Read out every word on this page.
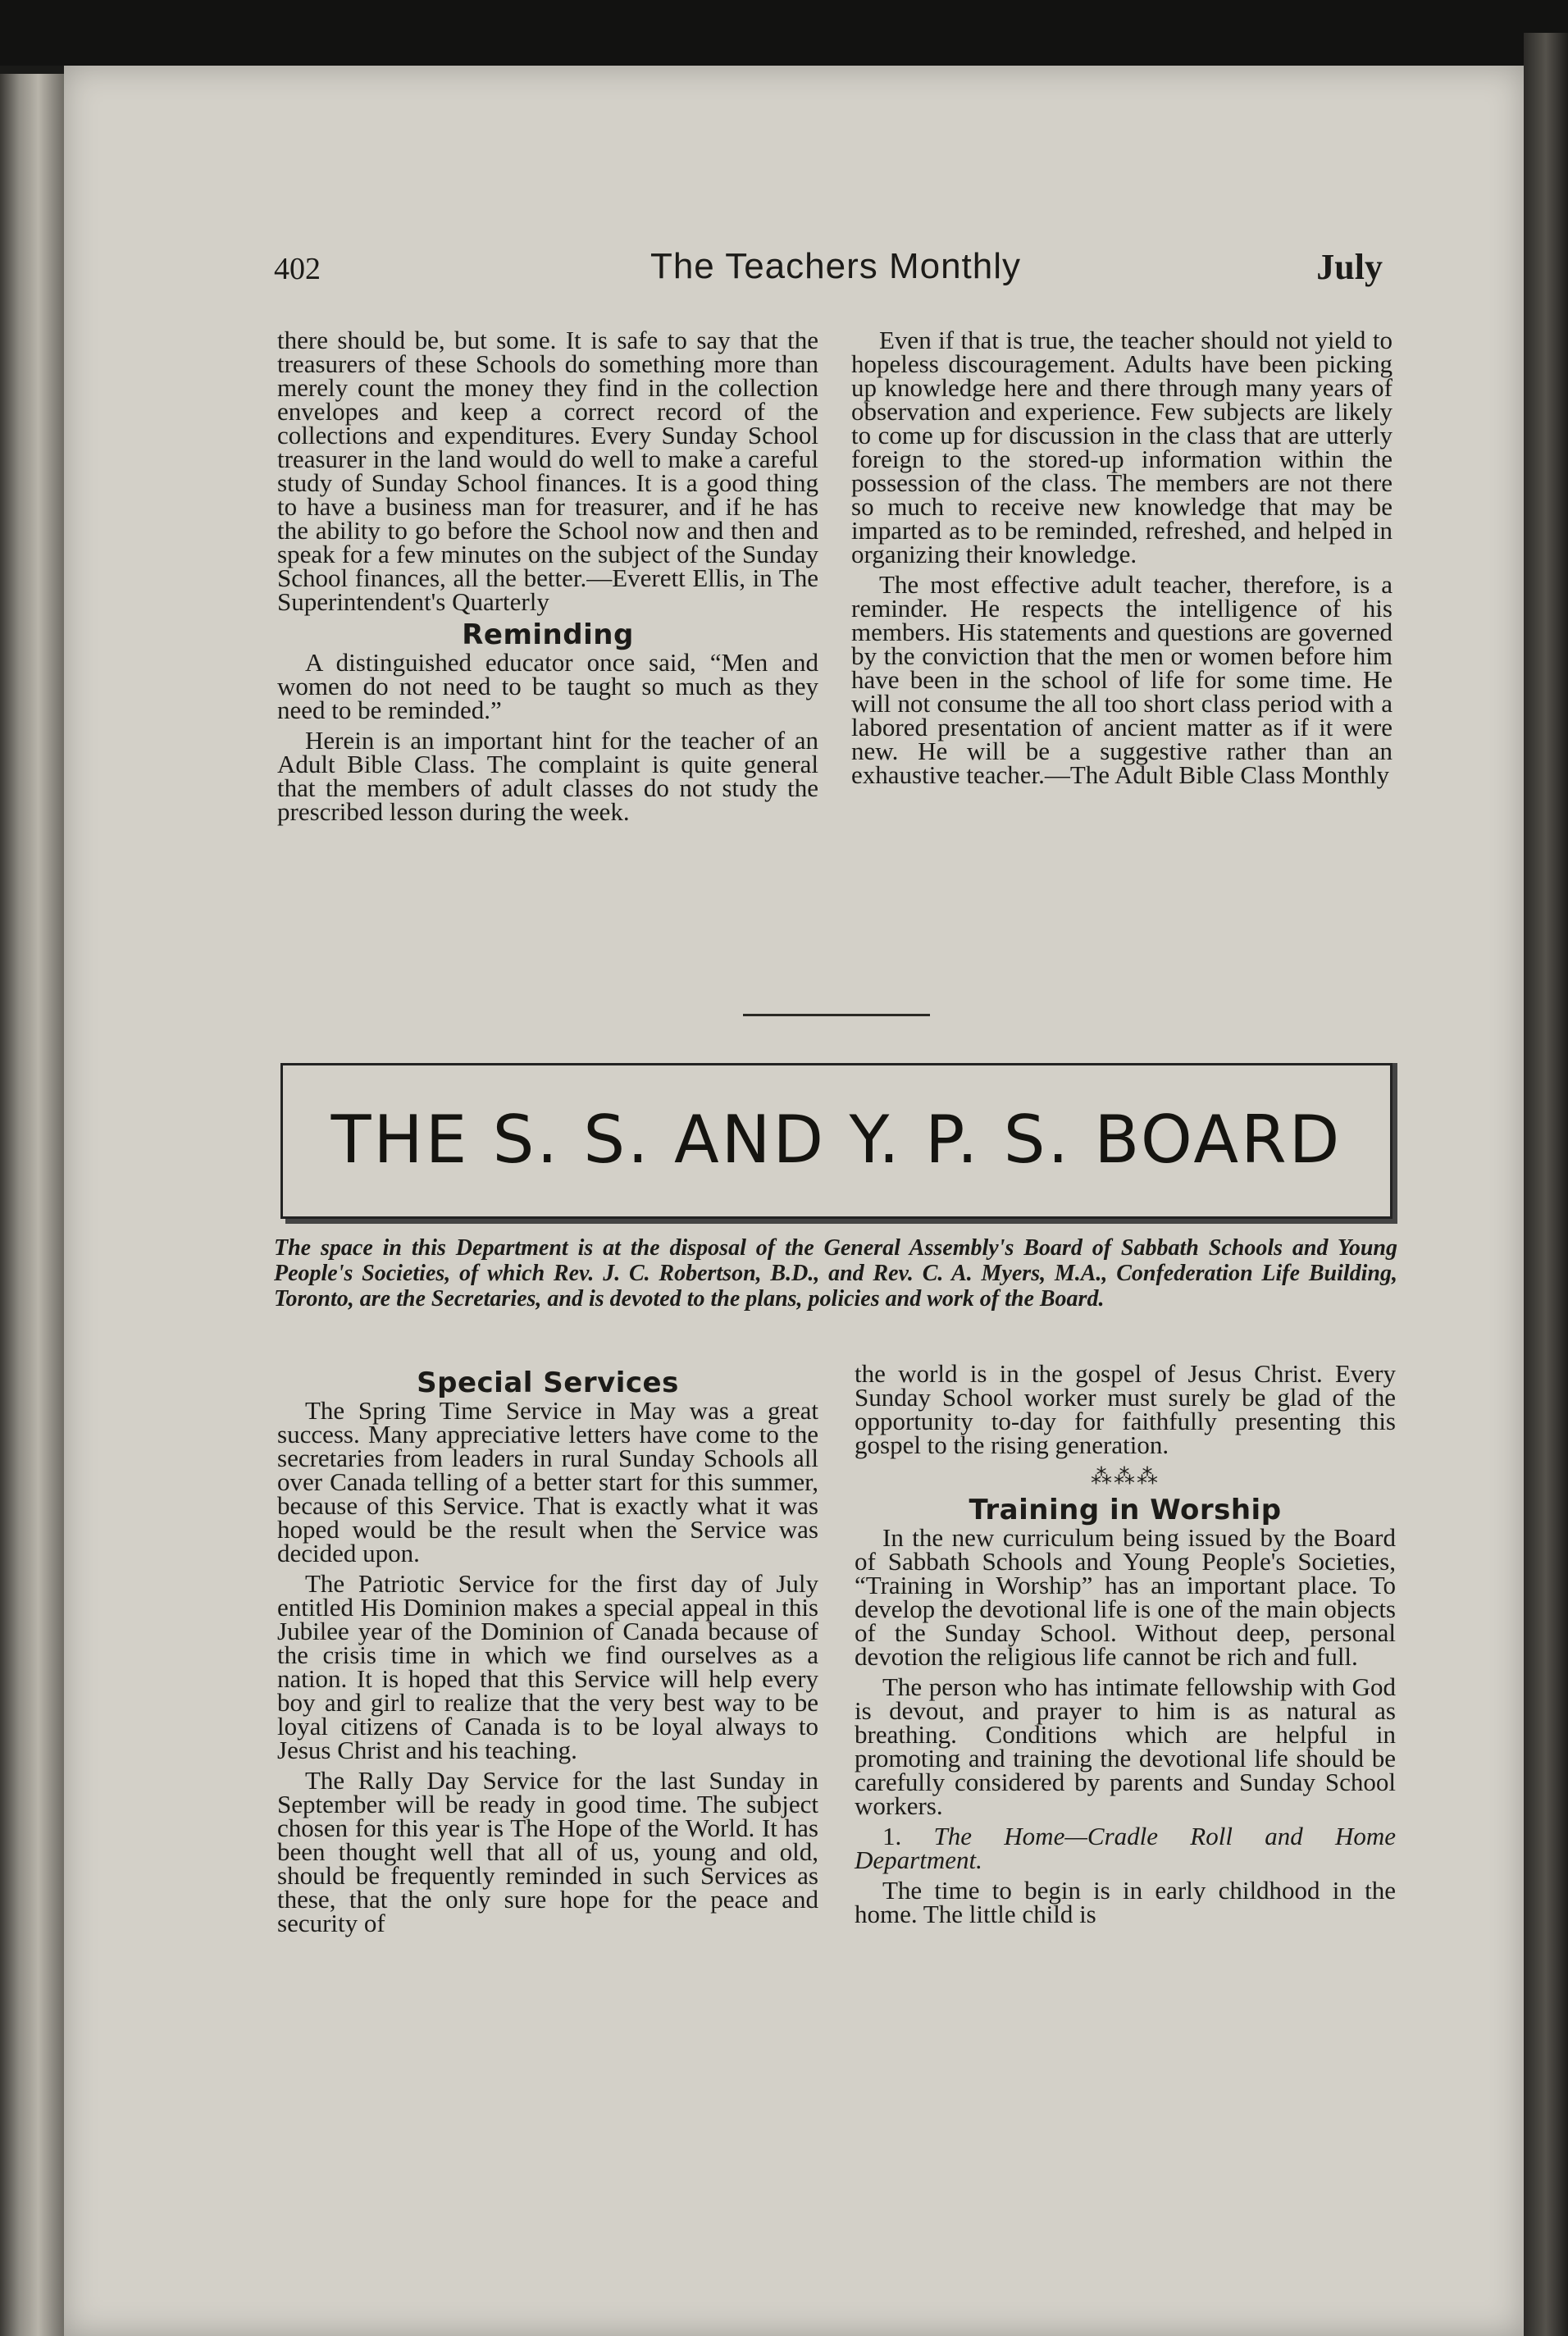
402	The Teachers Monthly	July

there should be, but some. It is safe to say that the treasurers of these Schools do something more than merely count the money they find in the collection envelopes and keep a correct record of the collections and expenditures. Every Sunday School treasurer in the land would do well to make a careful study of Sunday School finances. It is a good thing to have a business man for treasurer, and if he has the ability to go before the School now and then and speak for a few minutes on the subject of the Sunday School finances, all the better.—Everett Ellis, in The Superintendent's Quarterly

Reminding

A distinguished educator once said, “Men and women do not need to be taught so much as they need to be reminded.”

Herein is an important hint for the teacher of an Adult Bible Class. The complaint is quite general that the members of adult classes do not study the prescribed lesson during the week.

Even if that is true, the teacher should not yield to hopeless discouragement. Adults have been picking up knowledge here and there through many years of observation and experience. Few subjects are likely to come up for discussion in the class that are utterly foreign to the stored-up information within the possession of the class. The members are not there so much to receive new knowledge that may be imparted as to be reminded, refreshed, and helped in organizing their knowledge.

The most effective adult teacher, therefore, is a reminder. He respects the intelligence of his members. His statements and questions are governed by the conviction that the men or women before him have been in the school of life for some time. He will not consume the all too short class period with a labored presentation of ancient matter as if it were new. He will be a suggestive rather than an exhaustive teacher.—The Adult Bible Class Monthly

THE S. S. AND Y. P. S. BOARD
The space in this Department is at the disposal of the General Assembly's Board of Sabbath Schools and Young People's Societies, of which Rev. J. C. Robertson, B.D., and Rev. C. A. Myers, M.A., Confederation Life Building, Toronto, are the Secretaries, and is devoted to the plans, policies and work of the Board.
Special Services

The Spring Time Service in May was a great success. Many appreciative letters have come to the secretaries from leaders in rural Sunday Schools all over Canada telling of a better start for this summer, because of this Service. That is exactly what it was hoped would be the result when the Service was decided upon.

The Patriotic Service for the first day of July entitled His Dominion makes a special appeal in this Jubilee year of the Dominion of Canada because of the crisis time in which we find ourselves as a nation. It is hoped that this Service will help every boy and girl to realize that the very best way to be loyal citizens of Canada is to be loyal always to Jesus Christ and his teaching.

The Rally Day Service for the last Sunday in September will be ready in good time. The subject chosen for this year is The Hope of the World. It has been thought well that all of us, young and old, should be frequently reminded in such Services as these, that the only sure hope for the peace and security of

the world is in the gospel of Jesus Christ. Every Sunday School worker must surely be glad of the opportunity to-day for faithfully presenting this gospel to the rising generation.

⁂⁂⁂
Training in Worship

In the new curriculum being issued by the Board of Sabbath Schools and Young People's Societies, “Training in Worship” has an important place. To develop the devotional life is one of the main objects of the Sunday School. Without deep, personal devotion the religious life cannot be rich and full.

The person who has intimate fellowship with God is devout, and prayer to him is as natural as breathing. Conditions which are helpful in promoting and training the devotional life should be carefully considered by parents and Sunday School workers.

1. The Home—Cradle Roll and Home Department.

The time to begin is in early childhood in the home. The little child is
